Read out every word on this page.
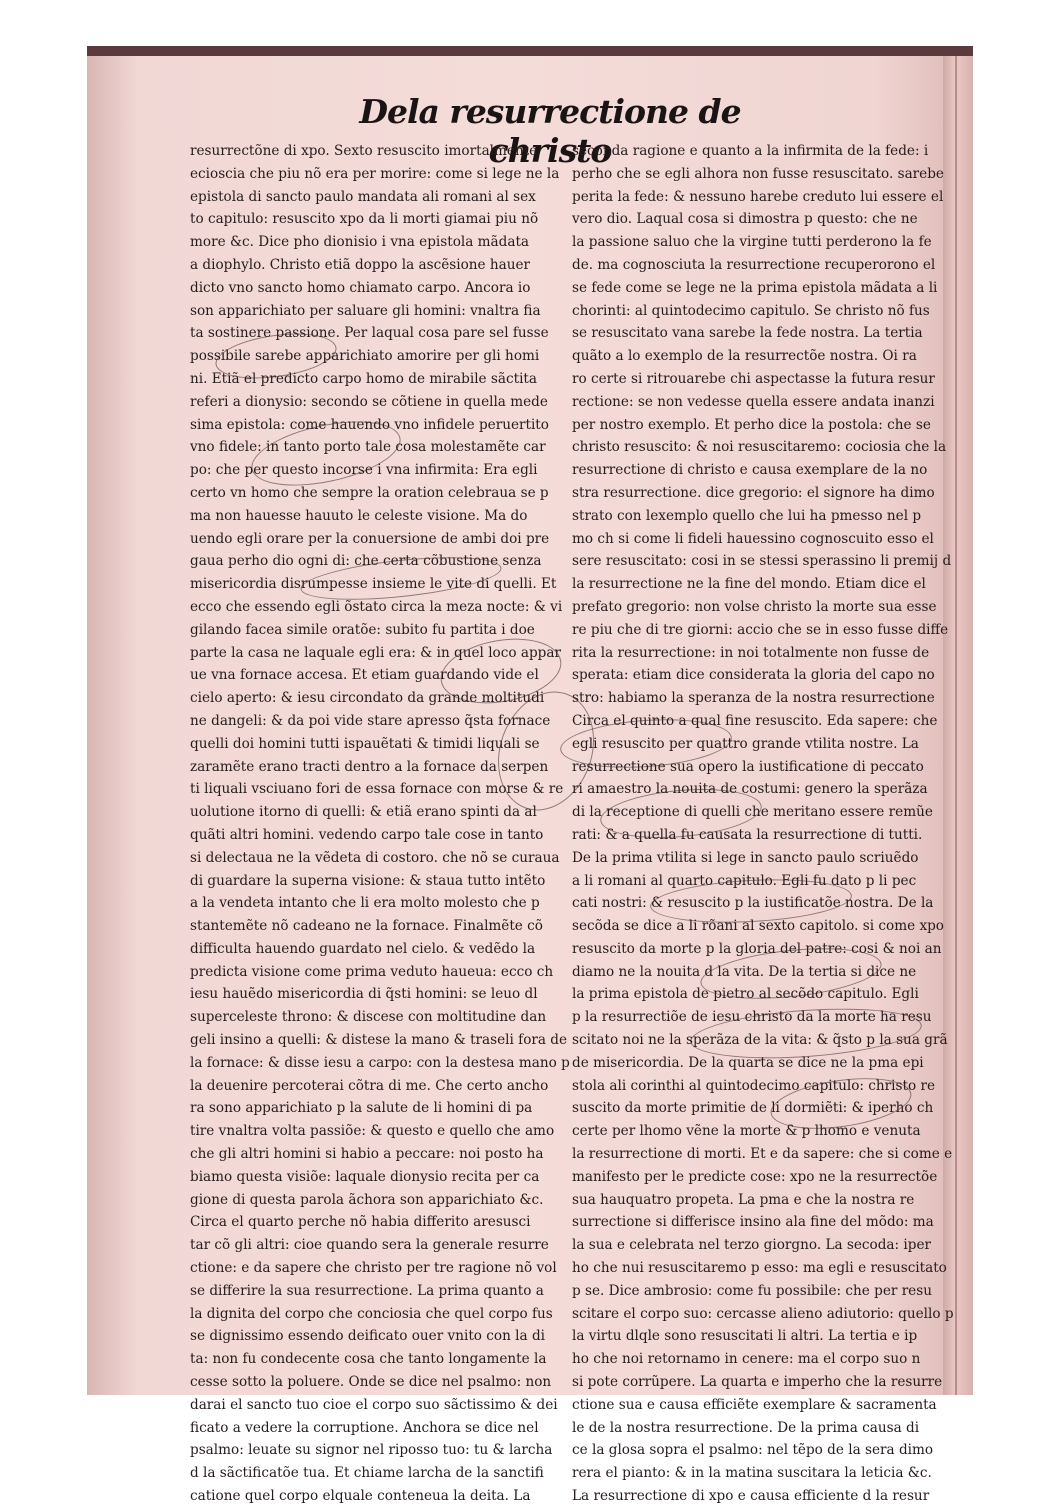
Dela resurrectione de christo
resurrectõne di xpo. Sexto resuscito imortalmente
ecioscia che piu nõ era per morire: come si lege ne la
epistola di sancto paulo mandata ali romani al sex
to capitulo: resuscito xpo da li morti giamai piu nõ
more &c. Dice pho dionisio i vna epistola mãdata
a diophylo. Christo etiã doppo la ascẽsione hauer
dicto vno sancto homo chiamato carpo. Ancora io
son apparichiato per saluare gli homini: vnaltra fia
ta sostinere passione. Per laqual cosa pare sel fusse
possibile sarebe apparichiato amorire per gli homi
ni. Etiã el predicto carpo homo de mirabile sãctita
referi a dionysio: secondo se cõtiene in quella mede
sima epistola: come hauendo vno infidele peruertito
vno fidele: in tanto porto tale cosa molestamẽte car
po: che per questo incorse i vna infirmita: Era egli
certo vn homo che sempre la oration celebraua se p
ma non hauesse hauuto le celeste visione. Ma do
uendo egli orare per la conuersione de ambi doi pre
gaua perho dio ogni di: che certa cõbustione senza
misericordia disrumpesse insieme le vite di quelli. Et
ecco che essendo egli õstato circa la meza nocte: & vi
gilando facea simile oratõe: subito fu partita i doe
parte la casa ne laquale egli era: & in quel loco appar
ue vna fornace accesa. Et etiam guardando vide el
cielo aperto: & iesu circondato da grande moltitudi
ne dangeli: & da poi vide stare apresso q̃sta fornace
quelli doi homini tutti ispauẽtati & timidi liquali se
zaramẽte erano tracti dentro a la fornace da serpen
ti liquali vsciuano fori de essa fornace con morse & re
uolutione itorno di quelli: & etiã erano spinti da al
quãti altri homini. vedendo carpo tale cose in tanto
si delectaua ne la vẽdeta di costoro. che nõ se curaua
di guardare la superna visione: & staua tutto intẽto
a la vendeta intanto che li era molto molesto che p
stantemẽte nõ cadeano ne la fornace. Finalmẽte cõ
difficulta hauendo guardato nel cielo. & vedẽdo la
predicta visione come prima veduto haueua: ecco ch
iesu hauẽdo misericordia di q̃sti homini: se leuo dl
superceleste throno: & discese con moltitudine dan
geli insino a quelli: & distese la mano & traseli fora de
la fornace: & disse iesu a carpo: con la destesa mano p
la deuenire percoterai cõtra di me. Che certo ancho
ra sono apparichiato p la salute de li homini di pa
tire vnaltra volta passiõe: & questo e quello che amo
che gli altri homini si habio a peccare: noi posto ha
biamo questa visiõe: laquale dionysio recita per ca
gione di questa parola ãchora son apparichiato &c.
Circa el quarto perche nõ habia differito aresusci
tar cõ gli altri: cioe quando sera la generale resurre
ctione: e da sapere che christo per tre ragione nõ vol
se differire la sua resurrectione. La prima quanto a
la dignita del corpo che conciosia che quel corpo fus
se dignissimo essendo deificato ouer vnito con la di
ta: non fu condecente cosa che tanto longamente la
cesse sotto la poluere. Onde se dice nel psalmo: non
darai el sancto tuo cioe el corpo suo sãctissimo & dei
ficato a vedere la corruptione. Anchora se dice nel
psalmo: leuate su signor nel riposso tuo: tu & larcha
d la sãctificatõe tua. Et chiame larcha de la sanctifi
catione quel corpo elquale conteneua la deita. La
seconda ragione e quanto a la infirmita de la fede: i
perho che se egli alhora non fusse resuscitato. sarebe
perita la fede: & nessuno harebe creduto lui essere el
vero dio. Laqual cosa si dimostra p questo: che ne
la passione saluo che la virgine tutti perderono la fe
de. ma cognosciuta la resurrectione recuperorono el
se fede come se lege ne la prima epistola mãdata a li
chorinti: al quintodecimo capitulo. Se christo nõ fus
se resuscitato vana sarebe la fede nostra. La tertia
quãto a lo exemplo de la resurrectõe nostra. Oi ra
ro certe si ritrouarebe chi aspectasse la futura resur
rectione: se non vedesse quella essere andata inanzi
per nostro exemplo. Et perho dice la postola: che se
christo resuscito: & noi resuscitaremo: cociosia che la
resurrectione di christo e causa exemplare de la no
stra resurrectione. dice gregorio: el signore ha dimo
strato con lexemplo quello che lui ha pmesso nel p
mo ch si come li fideli hauessino cognoscuito esso el
sere resuscitato: cosi in se stessi sperassino li premij d
la resurrectione ne la fine del mondo. Etiam dice el
prefato gregorio: non volse christo la morte sua esse
re piu che di tre giorni: accio che se in esso fusse diffe
rita la resurrectione: in noi totalmente non fusse de
sperata: etiam dice considerata la gloria del capo no
stro: habiamo la speranza de la nostra resurrectione
Circa el quinto a qual fine resuscito. Eda sapere: che
egli resuscito per quattro grande vtilita nostre. La
resurrectione sua opero la iustificatione di peccato
ri amaestro la nouita de costumi: genero la sperãza
di la receptione di quelli che meritano essere remũe
rati: & a quella fu causata la resurrectione di tutti.
De la prima vtilita si lege in sancto paulo scriuẽdo
a li romani al quarto capitulo. Egli fu dato p li pec
cati nostri: & resuscito p la iustificatõe nostra. De la
secõda se dice a li rõani al sexto capitolo. si come xpo
resuscito da morte p la gloria del patre: cosi & noi an
diamo ne la nouita d la vita. De la tertia si dice ne
la prima epistola de pietro al secõdo capitulo. Egli
p la resurrectiõe de iesu christo da la morte ha resu
scitato noi ne la sperãza de la vita: & q̃sto p la sua grã
de misericordia. De la quarta se dice ne la pma epi
stola ali corinthi al quintodecimo capitulo: christo re
suscito da morte primitie de li dormiẽti: & iperho ch
certe per lhomo vẽne la morte & p lhomo e venuta
la resurrectione di morti. Et e da sapere: che si come e
manifesto per le predicte cose: xpo ne la resurrectõe
sua hauquatro propeta. La pma e che la nostra re
surrectione si differisce insino ala fine del mõdo: ma
la sua e celebrata nel terzo giorgno. La secoda: iper
ho che nui resuscitaremo p esso: ma egli e resuscitato
p se. Dice ambrosio: come fu possibile: che per resu
scitare el corpo suo: cercasse alieno adiutorio: quello p
la virtu dlqle sono resuscitati li altri. La tertia e ip
ho che noi retornamo in cenere: ma el corpo suo n
si pote corrũpere. La quarta e imperho che la resurre
ctione sua e causa efficiẽte exemplare & sacramenta
le de la nostra resurrectione. De la prima causa di
ce la glosa sopra el psalmo: nel tẽpo de la sera dimo
rera el pianto: & in la matina suscitara la leticia &c.
La resurrectione di xpo e causa efficiente d la resur
